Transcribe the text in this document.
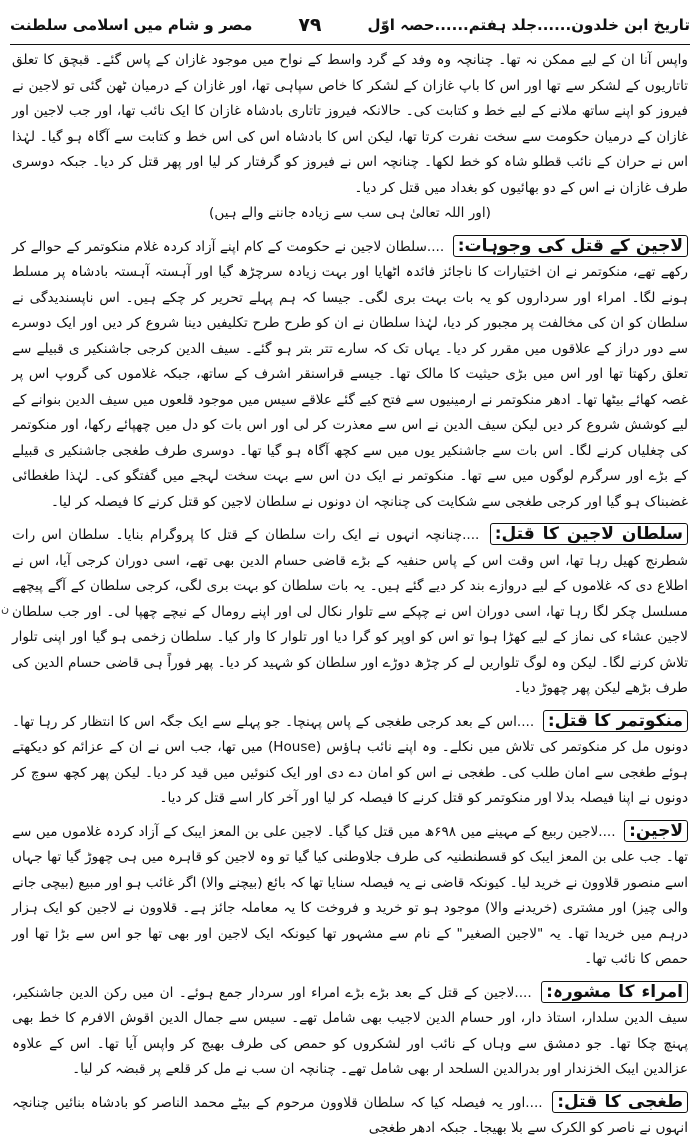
تاریخ ابن خلدون......جلد ہفتم......حصہ اوّل
۷۹
مصر و شام میں اسلامی سلطنت

واپس آنا ان کے لیے ممکن نہ تھا۔ چنانچہ وہ وفد کے گرد واسط کے نواح میں موجود غازان کے پاس گئے۔ قبچق کا تعلق تاتاریوں کے لشکر سے تھا اور اس کا باپ غازان کے لشکر کا خاص سپاہی تھا، اور غازان کے درمیان ٹھن گئی تو لاجین نے فیروز کو اپنے ساتھ ملانے کے لیے خط و کتابت کی۔ حالانکہ فیروز تاتاری بادشاہ غازان کا ایک نائب تھا، اور جب لاجین اور غازان کے درمیان حکومت سے سخت نفرت کرتا تھا، لیکن اس کا بادشاہ اس کی اس خط و کتابت سے آگاہ ہو گیا۔ لہٰذا اس نے حران کے نائب قطلو شاہ کو خط لکھا۔ چنانچہ اس نے فیروز کو گرفتار کر لیا اور پھر قتل کر دیا۔ جبکہ دوسری طرف غازان نے اس کے دو بھائیوں کو بغداد میں قتل کر دیا۔

(اور اللہ تعالیٰ ہی سب سے زیادہ جاننے والے ہیں)

لاجین کے قتل کی وجوہات: ....سلطان لاجین نے حکومت کے کام اپنے آزاد کردہ غلام منکوتمر کے حوالے کر رکھے تھے، منکوتمر نے ان اختیارات کا ناجائز فائدہ اٹھایا اور بہت زیادہ سرچڑھ گیا اور آہستہ آہستہ بادشاہ پر مسلط ہونے لگا۔ امراء اور سرداروں کو یہ بات بہت بری لگی۔ جیسا کہ ہم پہلے تحریر کر چکے ہیں۔ اس ناپسندیدگی نے سلطان کو ان کی مخالفت پر مجبور کر دیا، لہٰذا سلطان نے ان کو طرح طرح تکلیفیں دینا شروع کر دیں اور ایک دوسرے سے دور دراز کے علاقوں میں مقرر کر دیا۔ یہاں تک کہ سارے تتر بتر ہو گئے۔ سیف الدین کرجی جاشنکیر ی قبیلے سے تعلق رکھتا تھا اور اس میں بڑی حیثیت کا مالک تھا۔ جیسے قراسنقر اشرف کے ساتھ، جبکہ غلاموں کی گروپ اس پر غصہ کھائے بیٹھا تھا۔ ادھر منکوتمر نے ارمینیوں سے فتح کیے گئے علاقے سیس میں موجود قلعوں میں سیف الدین بنوانے کے لیے کوشش شروع کر دیں لیکن سیف الدین نے اس سے معذرت کر لی اور اس بات کو دل میں چھپائے رکھا، اور منکوتمر کی چغلیاں کرنے لگا۔ اس بات سے جاشنکیر یوں میں سے کچھ آگاہ ہو گیا تھا۔ دوسری طرف طغجی جاشنکیر ی قبیلے کے بڑے اور سرگرم لوگوں میں سے تھا۔ منکوتمر نے ایک دن اس سے بہت سخت لہجے میں گفتگو کی۔ لہٰذا طغطائی غضبناک ہو گیا اور کرجی طغجی سے شکایت کی چنانچہ ان دونوں نے سلطان لاجین کو قتل کرنے کا فیصلہ کر لیا۔

سلطان لاجین کا قتل: ....چنانچہ انہوں نے ایک رات سلطان کے قتل کا پروگرام بنایا۔ سلطان اس رات شطرنج کھیل رہا تھا، اس وقت اس کے پاس حنفیہ کے بڑے قاضی حسام الدین بھی تھے، اسی دوران کرجی آیا، اس نے اطلاع دی کہ غلاموں کے لیے دروازے بند کر دیے گئے ہیں۔ یہ بات سلطان کو بہت بری لگی، کرجی سلطان کے آگے پیچھے مسلسل چکر لگا رہا تھا، اسی دوران اس نے چپکے سے تلوار نکال لی اور اپنے رومال کے نیچے چھپا لی۔ اور جب سلطان لاجین عشاء کی نماز کے لیے کھڑا ہوا تو اس کو اوپر کو گرا دیا اور تلوار کا وار کیا۔ سلطان زخمی ہو گیا اور اپنی تلوار تلاش کرنے لگا۔ لیکن وہ لوگ تلواریں لے کر چڑھ دوڑے اور سلطان کو شہید کر دیا۔ پھر فوراً ہی قاضی حسام الدین کی طرف بڑھے لیکن پھر چھوڑ دیا۔

منکوتمر کا قتل: ....اس کے بعد کرجی طغجی کے پاس پہنچا۔ جو پہلے سے ایک جگہ اس کا انتظار کر رہا تھا۔ دونوں مل کر منکوتمر کی تلاش میں نکلے۔ وہ اپنے نائب ہاؤس (House) میں تھا، جب اس نے ان کے عزائم کو دیکھتے ہوئے طغجی سے امان طلب کی۔ طغجی نے اس کو امان دے دی اور ایک کنوئیں میں قید کر دیا۔ لیکن پھر کچھ سوچ کر دونوں نے اپنا فیصلہ بدلا اور منکوتمر کو قتل کرنے کا فیصلہ کر لیا اور آخر کار اسے قتل کر دیا۔

لاجین: ....لاجین ربیع کے مہینے میں ۶۹۸ھ میں قتل کیا گیا۔ لاجین علی بن المعز ایبک کے آزاد کردہ غلاموں میں سے تھا۔ جب علی بن المعز ایبک کو قسطنطنیہ کی طرف جلاوطنی کیا گیا تو وہ لاجین کو قاہرہ میں ہی چھوڑ گیا تھا جہاں اسے منصور قلاوون نے خرید لیا۔ کیونکہ قاضی نے یہ فیصلہ سنایا تھا کہ بائع (بیچنے والا) اگر غائب ہو اور مبیع (بیچی جانے والی چیز) اور مشتری (خریدنے والا) موجود ہو تو خرید و فروخت کا یہ معاملہ جائز ہے۔ قلاوون نے لاجین کو ایک ہزار درہم میں خریدا تھا۔ یہ "لاجین الصغیر" کے نام سے مشہور تھا کیونکہ ایک لاجین اور بھی تھا جو اس سے بڑا تھا اور حمص کا نائب تھا۔

امراء کا مشورہ: ....لاجین کے قتل کے بعد بڑے بڑے امراء اور سردار جمع ہوئے۔ ان میں رکن الدین جاشنکیر، سیف الدین سلدار، استاذ دار، اور حسام الدین لاجیب بھی شامل تھے۔ سیس سے جمال الدین اقوش الافرم کا خط بھی پہنچ چکا تھا۔ جو دمشق سے وہاں کے نائب اور لشکروں کو حمص کی طرف بھیج کر واپس آیا تھا۔ اس کے علاوہ عزالدین ایبک الخزندار اور بدرالدین السلحد ار بھی شامل تھے۔ چنانچہ ان سب نے مل کر قلعے پر قبضہ کر لیا۔

طغجی کا قتل: ....اور یہ فیصلہ کیا کہ سلطان قلاوون مرحوم کے بیٹے محمد الناصر کو بادشاہ بنائیں چنانچہ انہوں نے ناصر کو الکرک سے بلا بھیجا۔ جبکہ ادھر طغجی

ن
